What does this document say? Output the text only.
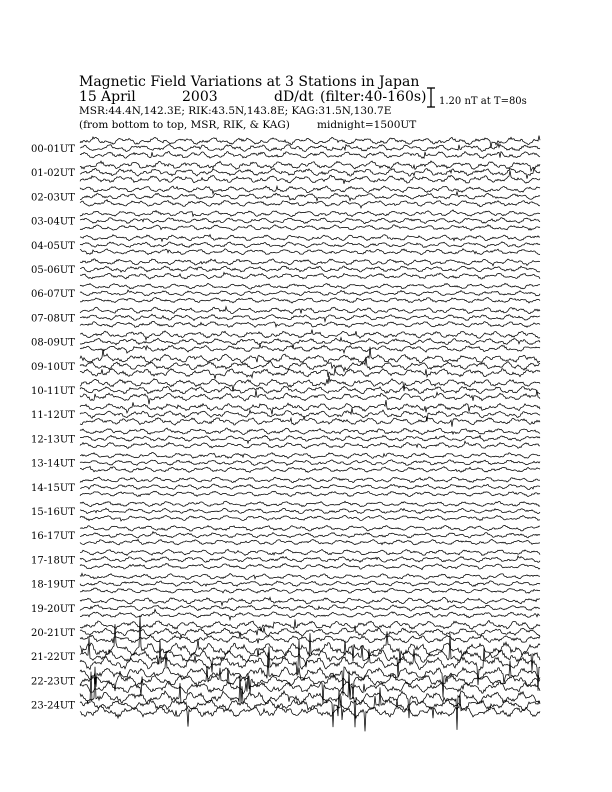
Magnetic Field Variations at 3 Stations in Japan
15 April	2003	dD/dt (filter:40-160s)
MSR:44.4N,142.3E; RIK:43.5N,143.8E; KAG:31.5N,130.7E
(from bottom to top, MSR, RIK, & KAG)	midnight=1500UT
1.20 nT at T=80s
00-01UT
01-02UT
02-03UT
03-04UT
04-05UT
05-06UT
06-07UT
07-08UT
08-09UT
09-10UT
10-11UT
11-12UT
12-13UT
13-14UT
14-15UT
15-16UT
16-17UT
17-18UT
18-19UT
19-20UT
20-21UT
21-22UT
22-23UT
23-24UT
